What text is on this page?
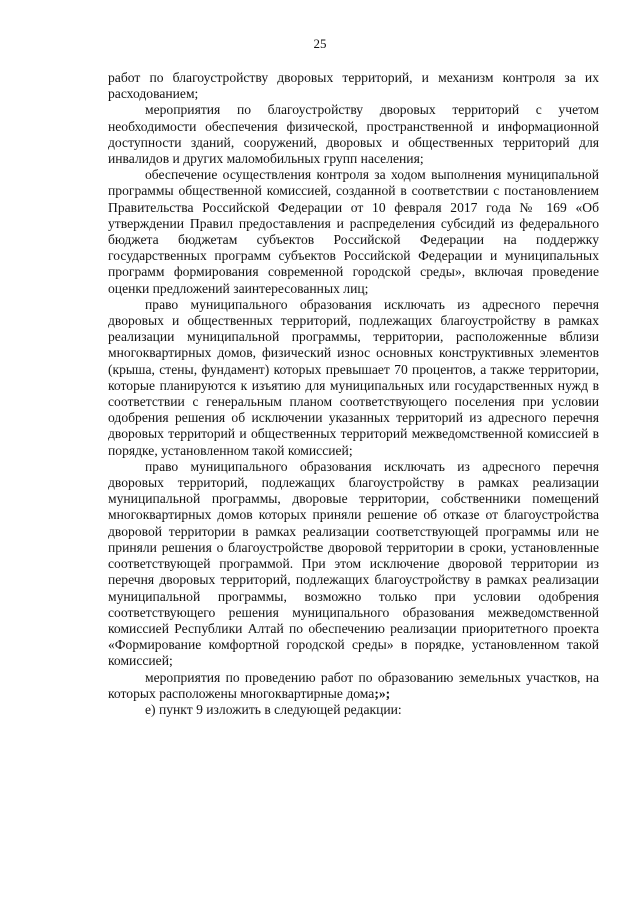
25

работ по благоустройству дворовых территорий, и механизм контроля за их расходованием;

мероприятия по благоустройству дворовых территорий с учетом необходимости обеспечения физической, пространственной и информационной доступности зданий, сооружений, дворовых и общественных территорий для инвалидов и других маломобильных групп населения;

обеспечение осуществления контроля за ходом выполнения муниципальной программы общественной комиссией, созданной в соответствии с постановлением Правительства Российской Федерации от 10 февраля 2017 года № 169 «Об утверждении Правил предоставления и распределения субсидий из федерального бюджета бюджетам субъектов Российской Федерации на поддержку государственных программ субъектов Российской Федерации и муниципальных программ формирования современной городской среды», включая проведение оценки предложений заинтересованных лиц;

право муниципального образования исключать из адресного перечня дворовых и общественных территорий, подлежащих благоустройству в рамках реализации муниципальной программы, территории, расположенные вблизи многоквартирных домов, физический износ основных конструктивных элементов (крыша, стены, фундамент) которых превышает 70 процентов, а также территории, которые планируются к изъятию для муниципальных или государственных нужд в соответствии с генеральным планом соответствующего поселения при условии одобрения решения об исключении указанных территорий из адресного перечня дворовых территорий и общественных территорий межведомственной комиссией в порядке, установленном такой комиссией;

право муниципального образования исключать из адресного перечня дворовых территорий, подлежащих благоустройству в рамках реализации муниципальной программы, дворовые территории, собственники помещений многоквартирных домов которых приняли решение об отказе от благоустройства дворовой территории в рамках реализации соответствующей программы или не приняли решения о благоустройстве дворовой территории в сроки, установленные соответствующей программой. При этом исключение дворовой территории из перечня дворовых территорий, подлежащих благоустройству в рамках реализации муниципальной программы, возможно только при условии одобрения соответствующего решения муниципального образования межведомственной комиссией Республики Алтай по обеспечению реализации приоритетного проекта «Формирование комфортной городской среды» в порядке, установленном такой комиссией;

мероприятия по проведению работ по образованию земельных участков, на которых расположены многоквартирные дома;»;

е) пункт 9 изложить в следующей редакции:
